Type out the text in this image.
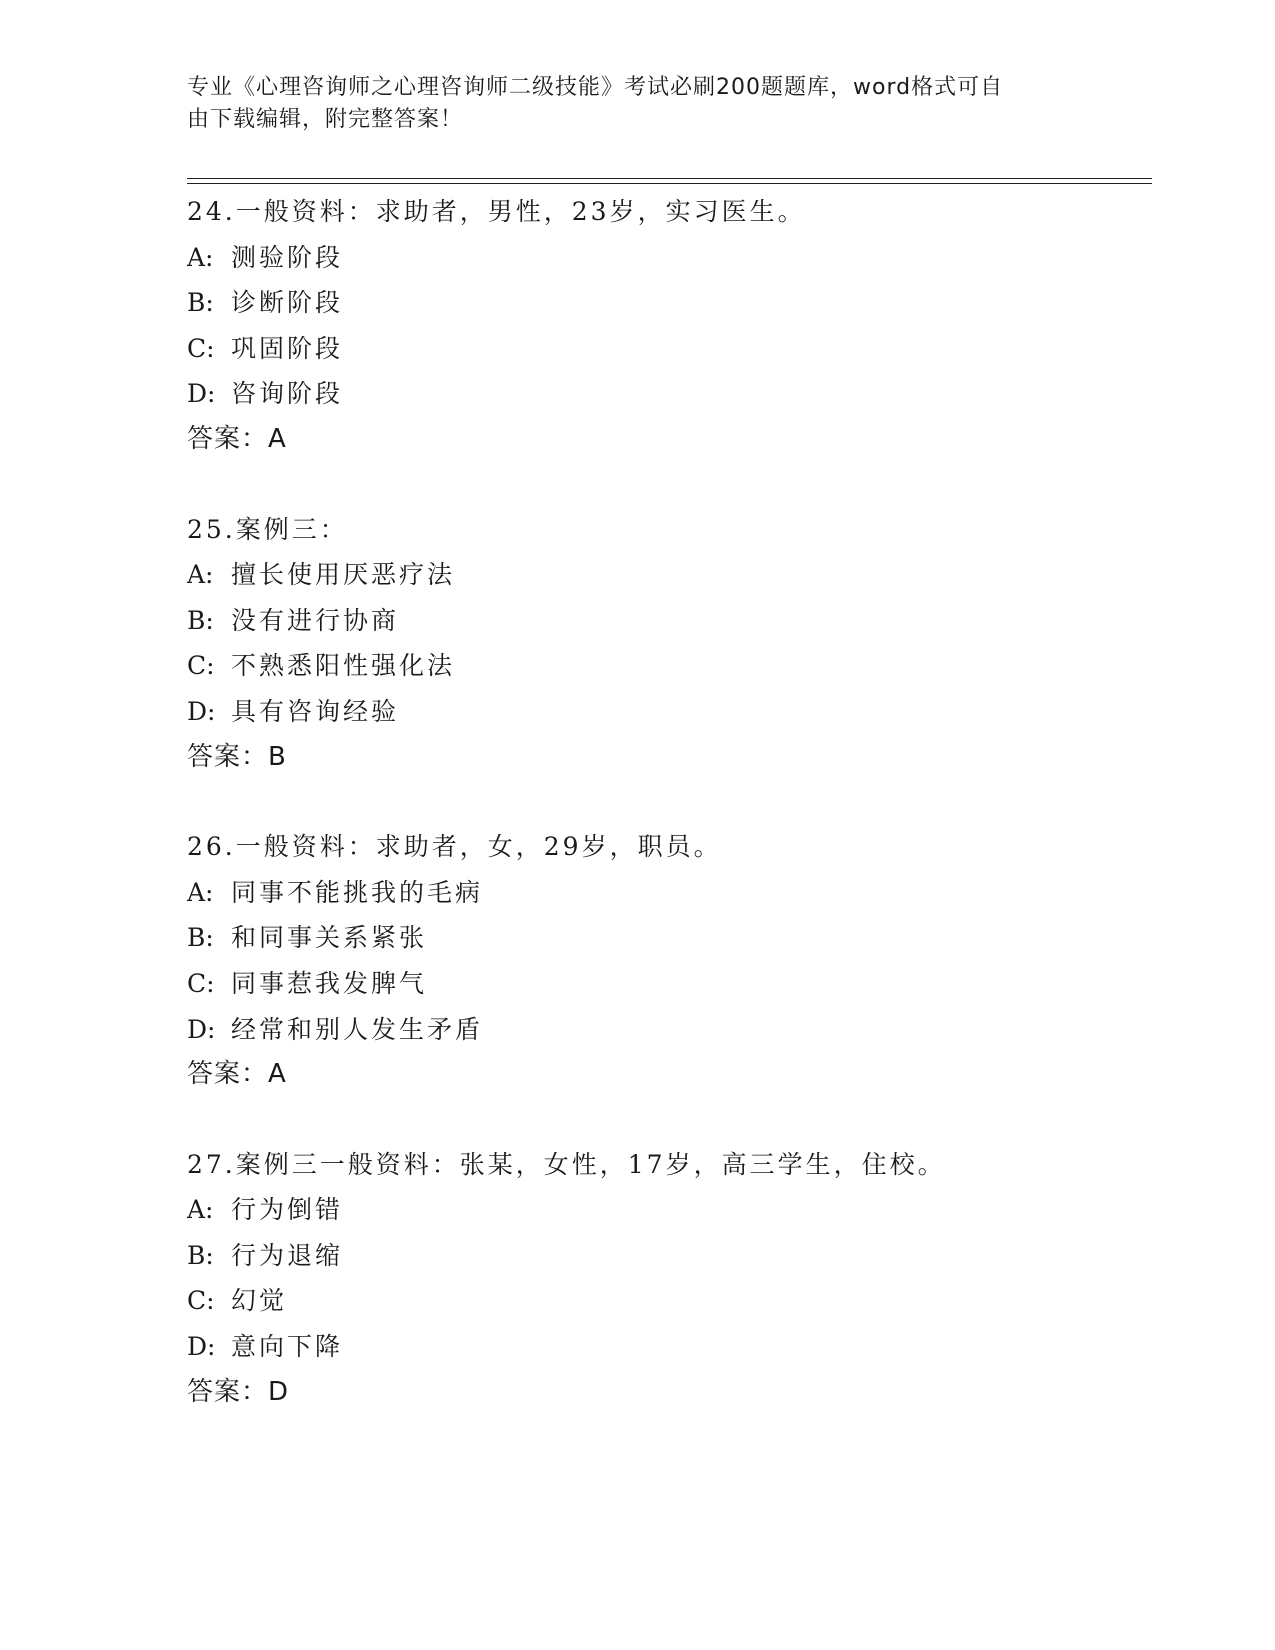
专业《心理咨询师之心理咨询师二级技能》考试必刷200题题库，word格式可自
由下载编辑，附完整答案！
24.一般资料：求助者，男性，23岁，实习医生。
A: 测验阶段
B: 诊断阶段
C: 巩固阶段
D: 咨询阶段
答案：A
25.案例三：
A: 擅长使用厌恶疗法
B: 没有进行协商
C: 不熟悉阳性强化法
D: 具有咨询经验
答案：B
26.一般资料：求助者，女，29岁，职员。
A: 同事不能挑我的毛病
B: 和同事关系紧张
C: 同事惹我发脾气
D: 经常和别人发生矛盾
答案：A
27.案例三一般资料：张某，女性，17岁，高三学生，住校。
A: 行为倒错
B: 行为退缩
C: 幻觉
D: 意向下降
答案：D
